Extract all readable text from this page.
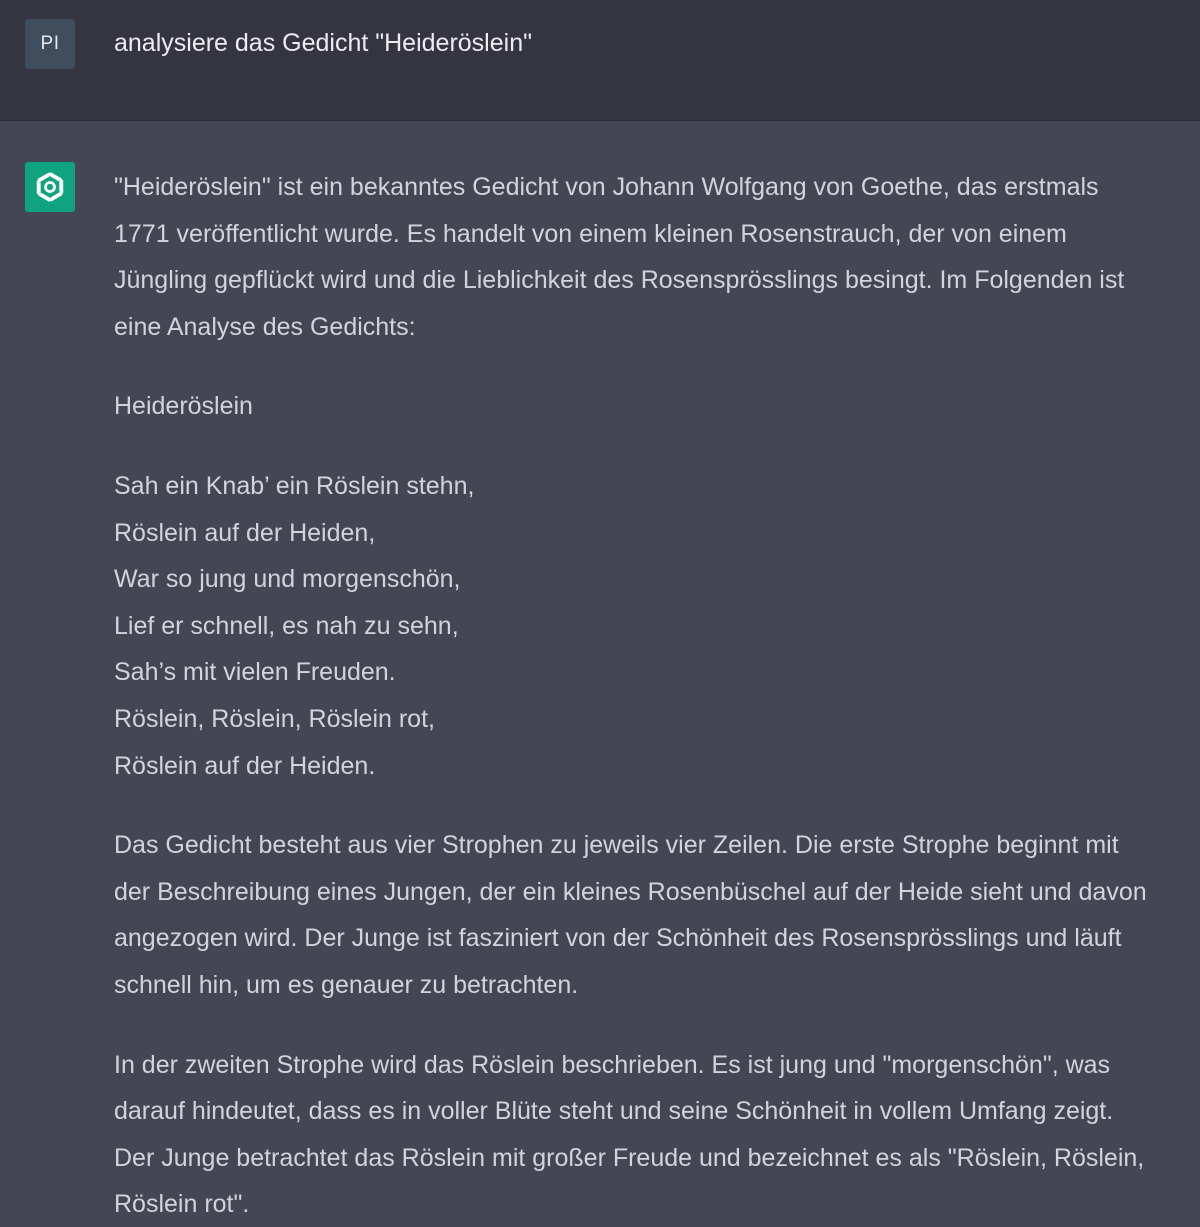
PI	analysiere das Gedicht "Heideröslein"

"Heideröslein" ist ein bekanntes Gedicht von Johann Wolfgang von Goethe, das erstmals
1771 veröffentlicht wurde. Es handelt von einem kleinen Rosenstrauch, der von einem
Jüngling gepflückt wird und die Lieblichkeit des Rosensprösslings besingt. Im Folgenden ist
eine Analyse des Gedichts:

Heideröslein

Sah ein Knab’ ein Röslein stehn,
Röslein auf der Heiden,
War so jung und morgenschön,
Lief er schnell, es nah zu sehn,
Sah’s mit vielen Freuden.
Röslein, Röslein, Röslein rot,
Röslein auf der Heiden.

Das Gedicht besteht aus vier Strophen zu jeweils vier Zeilen. Die erste Strophe beginnt mit
der Beschreibung eines Jungen, der ein kleines Rosenbüschel auf der Heide sieht und davon
angezogen wird. Der Junge ist fasziniert von der Schönheit des Rosensprösslings und läuft
schnell hin, um es genauer zu betrachten.

In der zweiten Strophe wird das Röslein beschrieben. Es ist jung und "morgenschön", was
darauf hindeutet, dass es in voller Blüte steht und seine Schönheit in vollem Umfang zeigt.
Der Junge betrachtet das Röslein mit großer Freude und bezeichnet es als "Röslein, Röslein,
Röslein rot".
